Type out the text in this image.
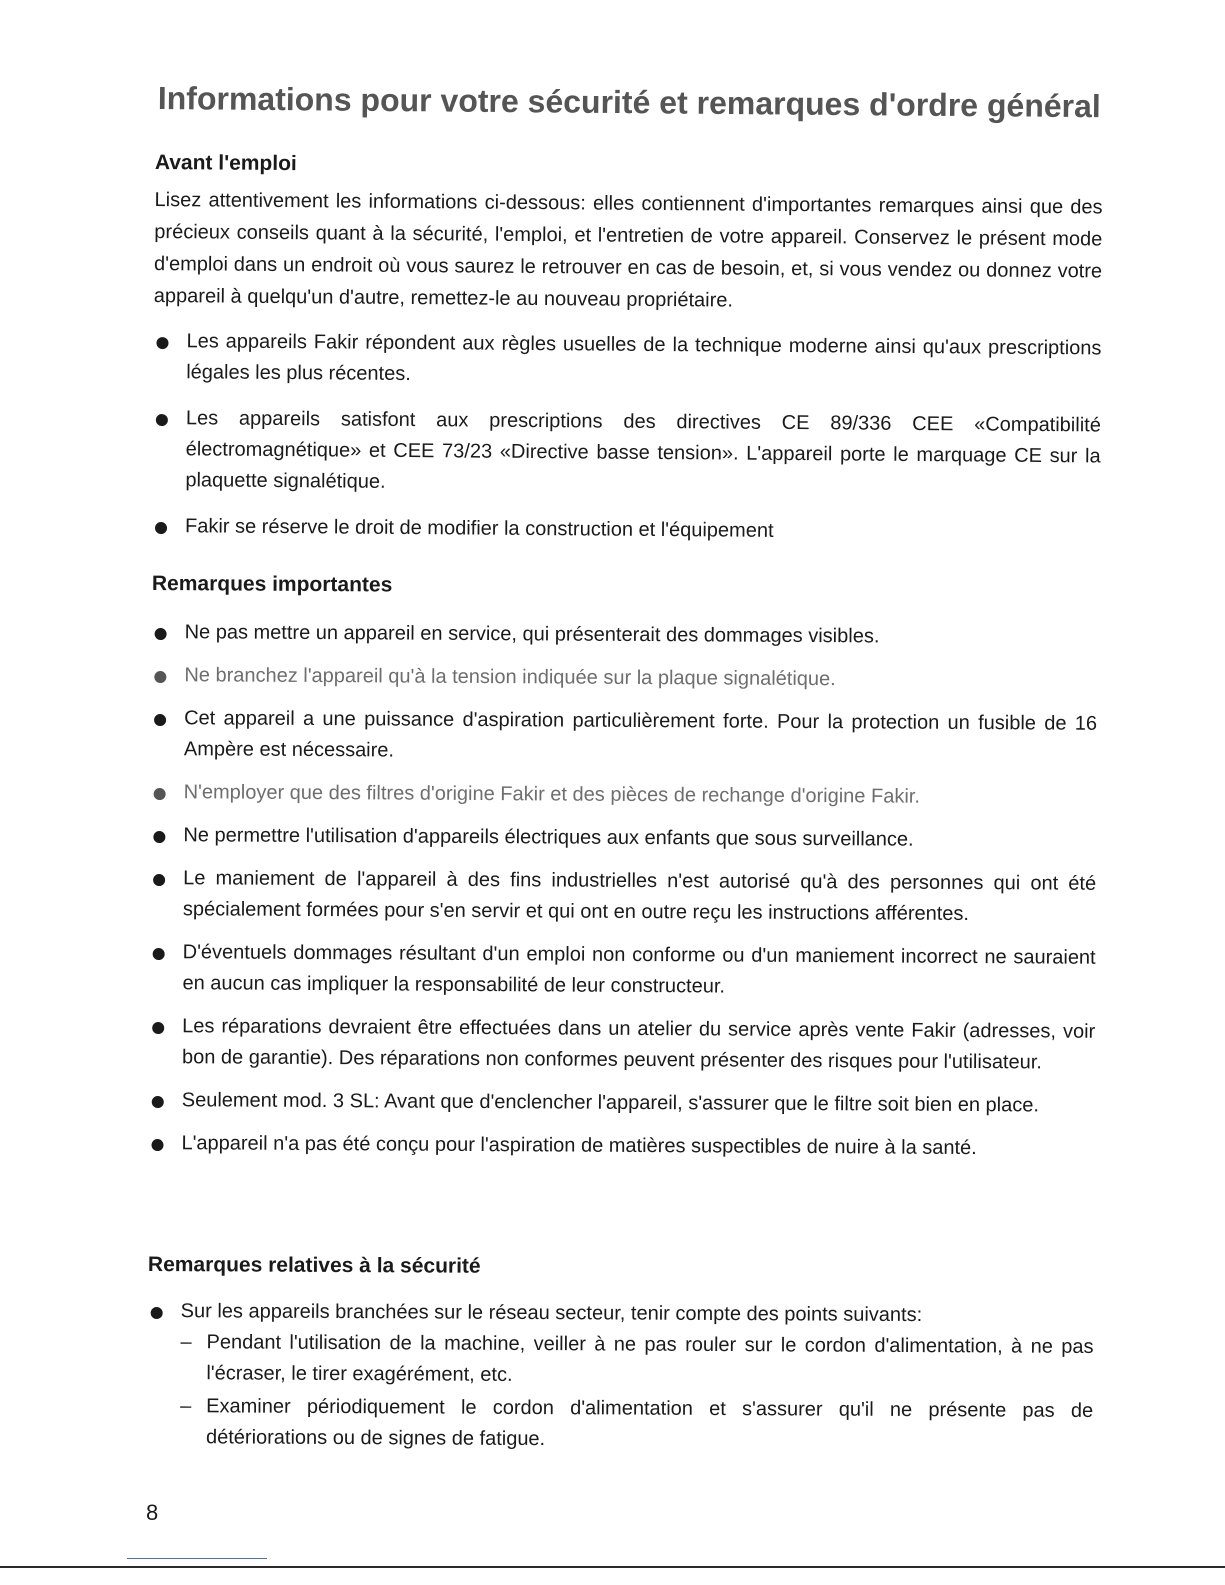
Informations pour votre sécurité et remarques d'ordre général
Avant l'emploi

Lisez attentivement les informations ci-dessous: elles contiennent d'importantes remarques ainsi que des précieux conseils quant à la sécurité, l'emploi, et l'entretien de votre appareil. Conservez le présent mode d'emploi dans un endroit où vous saurez le retrouver en cas de besoin, et, si vous vendez ou donnez votre appareil à quelqu'un d'autre, remettez-le au nouveau propriétaire.

Les appareils Fakir répondent aux règles usuelles de la technique moderne ainsi qu'aux prescriptions légales les plus récentes.
Les appareils satisfont aux prescriptions des directives CE 89/336 CEE «Compatibilité électromagnétique» et CEE 73/23 «Directive basse tension». L'appareil porte le marquage CE sur la plaquette signalétique.
Fakir se réserve le droit de modifier la construction et l'équipement
Remarques importantes
Ne pas mettre un appareil en service, qui présenterait des dommages visibles.
Ne branchez l'appareil qu'à la tension indiquée sur la plaque signalétique.
Cet appareil a une puissance d'aspiration particulièrement forte. Pour la protection un fusible de 16 Ampère est nécessaire.
N'employer que des filtres d'origine Fakir et des pièces de rechange d'origine Fakir.
Ne permettre l'utilisation d'appareils électriques aux enfants que sous surveillance.
Le maniement de l'appareil à des fins industrielles n'est autorisé qu'à des personnes qui ont été spécialement formées pour s'en servir et qui ont en outre reçu les instructions afférentes.
D'éventuels dommages résultant d'un emploi non conforme ou d'un maniement incorrect ne sauraient en aucun cas impliquer la responsabilité de leur constructeur.
Les réparations devraient être effectuées dans un atelier du service après vente Fakir (adresses, voir bon de garantie). Des réparations non conformes peuvent présenter des risques pour l'utilisateur.
Seulement mod. 3 SL: Avant que d'enclencher l'appareil, s'assurer que le filtre soit bien en place.
L'appareil n'a pas été conçu pour l'aspiration de matières suspectibles de nuire à la santé.
Remarques relatives à la sécurité
Sur les appareils branchées sur le réseau secteur, tenir compte des points suivants:
– Pendant l'utilisation de la machine, veiller à ne pas rouler sur le cordon d'alimentation, à ne pas l'écraser, le tirer exagérément, etc.
– Examiner périodiquement le cordon d'alimentation et s'assurer qu'il ne présente pas de détériorations ou de signes de fatigue.
8
